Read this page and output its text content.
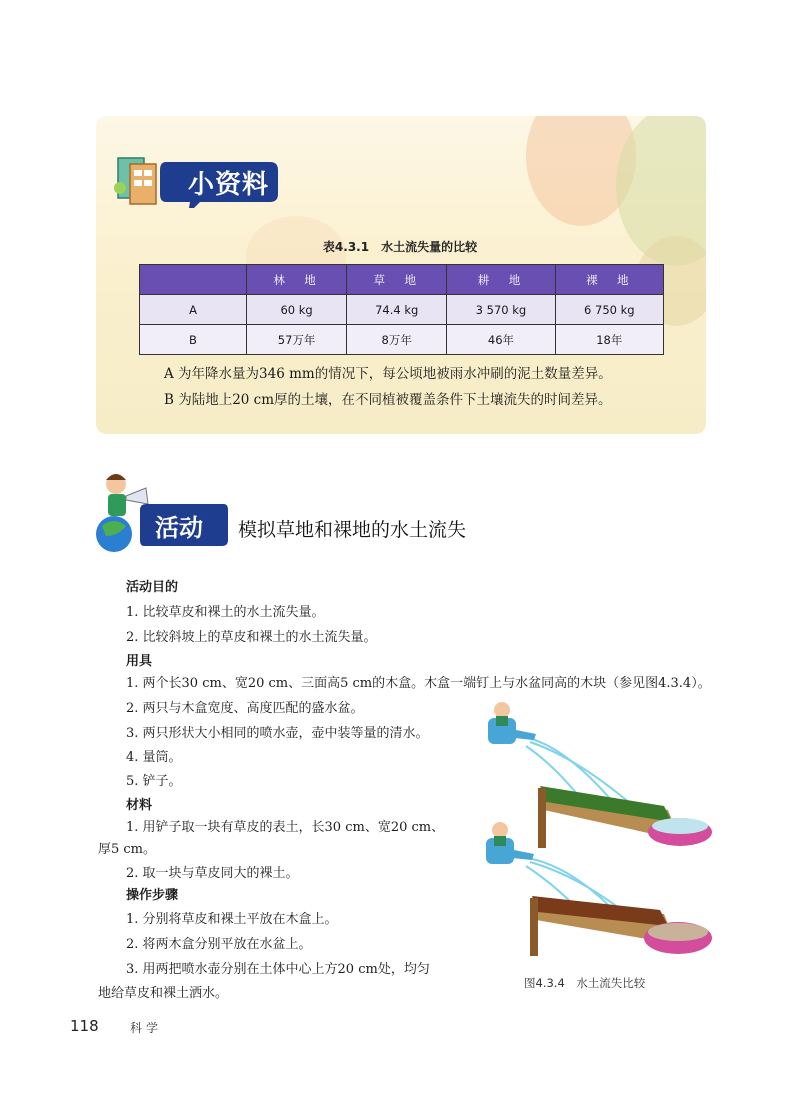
小资料
表4.3.1　水土流失量的比较
	林　地	草　地	耕　地	裸　地
A	60 kg	74.4 kg	3 570 kg	6 750 kg
B	57万年	8万年	46年	18年
A 为年降水量为346 mm的情况下，每公顷地被雨水冲刷的泥土数量差异。
B 为陆地上20 cm厚的土壤，在不同植被覆盖条件下土壤流失的时间差异。
活动 模拟草地和裸地的水土流失
活动目的
1. 比较草皮和裸土的水土流失量。
2. 比较斜坡上的草皮和裸土的水土流失量。
用具
1. 两个长30 cm、宽20 cm、三面高5 cm的木盒。木盒一端钉上与水盆同高的木块（参见图4.3.4）。
2. 两只与木盒宽度、高度匹配的盛水盆。
3. 两只形状大小相同的喷水壶，壶中装等量的清水。
4. 量筒。
5. 铲子。
材料
1. 用铲子取一块有草皮的表土，长30 cm、宽20 cm、
厚5 cm。
2. 取一块与草皮同大的裸土。
操作步骤
1. 分别将草皮和裸土平放在木盒上。
2. 将两木盒分别平放在水盆上。
3. 用两把喷水壶分别在土体中心上方20 cm处，均匀
地给草皮和裸土洒水。
图4.3.4　水土流失比较
118	科学
